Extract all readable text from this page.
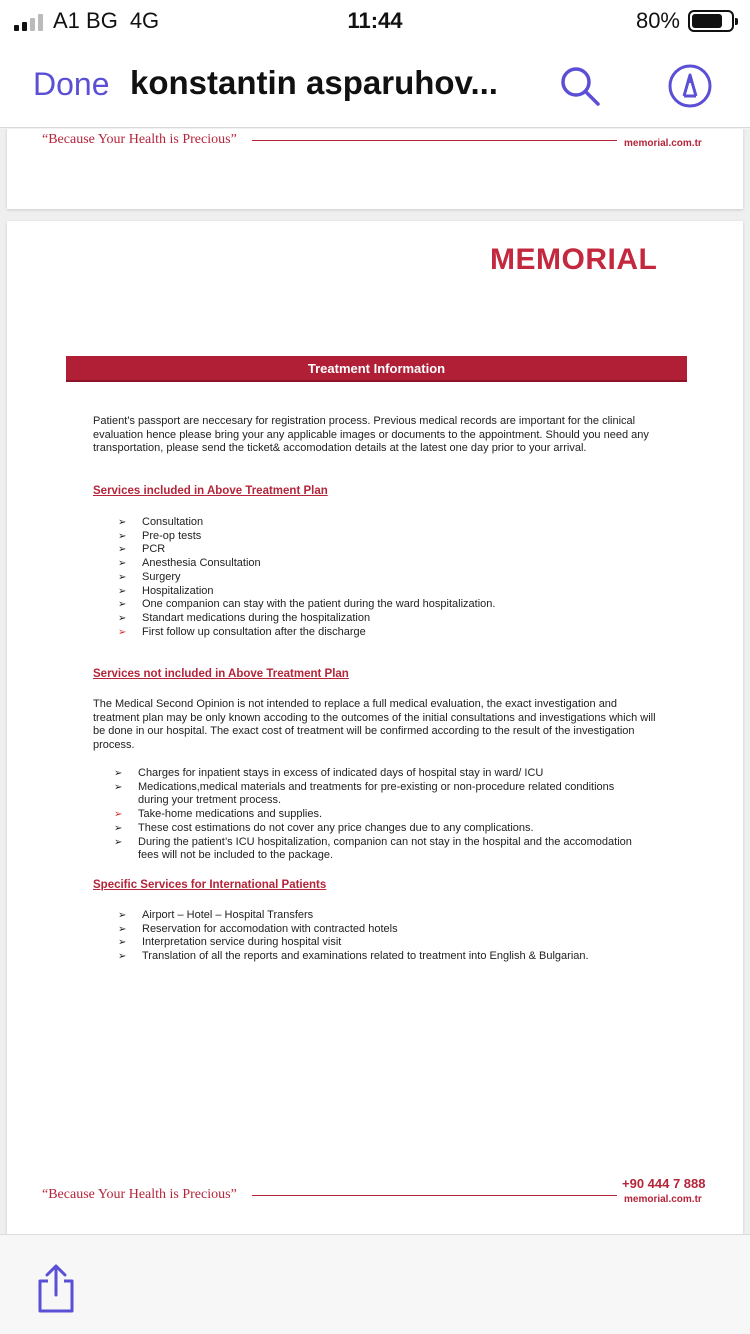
A1 BG 4G	11:44	80%
Done konstantin asparuhov...
“Because Your Health is Precious”	memorial.com.tr
MEMORIAL
Treatment Information
Patient’s passport are neccesary for registration process. Previous medical records are important for the clinical evaluation hence please bring your any applicable images or documents to the appointment. Should you need any transportation, please send the ticket& accomodation details at the latest one day prior to your arrival.
Services included in Above Treatment Plan
➢ Consultation
➢ Pre-op tests
➢ PCR
➢ Anesthesia Consultation
➢ Surgery
➢ Hospitalization
➢ One companion can stay with the patient during the ward hospitalization.
➢ Standart medications during the hospitalization
➢ First follow up consultation after the discharge
Services not included in Above Treatment Plan
The Medical Second Opinion is not intended to replace a full medical evaluation, the exact investigation and treatment plan may be only known accoding to the outcomes of the initial consultations and investigations which will be done in our hospital. The exact cost of treatment will be confirmed according to the result of the investigation process.
➢ Charges for inpatient stays in excess of indicated days of hospital stay in ward/ ICU
➢ Medications,medical materials and treatments for pre-existing or non-procedure related conditions during your tretment process.
➢ Take-home medications and supplies.
➢ These cost estimations do not cover any price changes due to any complications.
➢ During the patient’s ICU hospitalization, companion can not stay in the hospital and the accomodation fees will not be included to the package.
Specific Services for International Patients
➢ Airport – Hotel – Hospital Transfers
➢ Reservation for accomodation with contracted hotels
➢ Interpretation service during hospital visit
➢ Translation of all the reports and examinations related to treatment into English & Bulgarian.
+90 444 7 888
“Because Your Health is Precious”	memorial.com.tr
